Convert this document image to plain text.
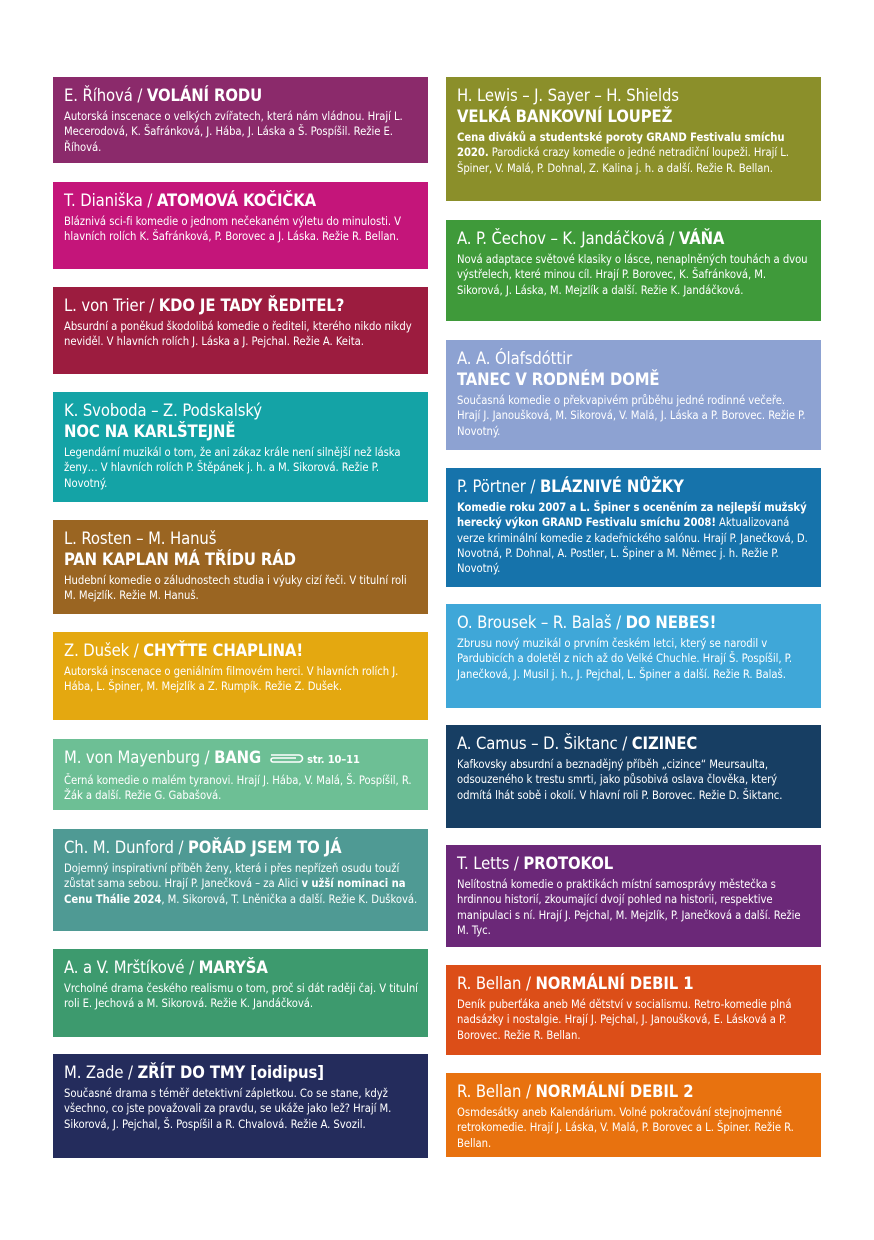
E. Říhová / VOLÁNÍ RODU
Autorská inscenace o velkých zvířatech, která nám vládnou. Hrají L. Mecerodová, K. Šafránková, J. Hába, J. Láska a Š. Pospíšil. Režie E. Říhová.
T. Dianiška / ATOMOVÁ KOČIČKA
Bláznivá sci-fi komedie o jednom nečekaném výletu do minulosti. V hlavních rolích K. Šafránková, P. Borovec a J. Láska. Režie R. Bellan.
L. von Trier / KDO JE TADY ŘEDITEL?
Absurdní a poněkud škodolibá komedie o řediteli, kterého nikdo nikdy neviděl. V hlavních rolích J. Láska a J. Pejchal. Režie A. Keita.
K. Svoboda – Z. Podskalský
NOC NA KARLŠTEJNĚ
Legendární muzikál o tom, že ani zákaz krále není silnější než láska ženy… V hlavních rolích P. Štěpánek j. h. a M. Sikorová. Režie P. Novotný.
L. Rosten – M. Hanuš
PAN KAPLAN MÁ TŘÍDU RÁD
Hudební komedie o záludnostech studia i výuky cizí řeči. V titulní roli M. Mejzlík. Režie M. Hanuš.
Z. Dušek / CHYŤTE CHAPLINA!
Autorská inscenace o geniálním filmovém herci. V hlavních rolích J. Hába, L. Špiner, M. Mejzlík a Z. Rumpík. Režie Z. Dušek.
M. von Mayenburg / BANG	str. 10–11
Černá komedie o malém tyranovi. Hrají J. Hába, V. Malá, Š. Pospíšil, R. Žák a další. Režie G. Gabašová.
Ch. M. Dunford / POŘÁD JSEM TO JÁ
Dojemný inspirativní příběh ženy, která i přes nepřízeň osudu touží zůstat sama sebou. Hrají P. Janečková – za Alici v užší nominaci na Cenu Thálie 2024, M. Sikorová, T. Lněnička a další. Režie K. Dušková.
A. a V. Mrštíkové / MARYŠA
Vrcholné drama českého realismu o tom, proč si dát raději čaj. V titulní roli E. Jechová a M. Sikorová. Režie K. Jandáčková.
M. Zade / ZŘÍT DO TMY [oidipus]
Současné drama s téměř detektivní zápletkou. Co se stane, když všechno, co jste považovali za pravdu, se ukáže jako lež? Hrají M. Sikorová, J. Pejchal, Š. Pospíšil a R. Chvalová. Režie A. Svozil.
H. Lewis – J. Sayer – H. Shields
VELKÁ BANKOVNÍ LOUPEŽ
Cena diváků a studentské poroty GRAND Festivalu smíchu 2020. Parodická crazy komedie o jedné netradiční loupeži. Hrají L. Špiner, V. Malá, P. Dohnal, Z. Kalina j. h. a další. Režie R. Bellan.
A. P. Čechov – K. Jandáčková / VÁŇA
Nová adaptace světové klasiky o lásce, nenaplněných touhách a dvou výstřelech, které minou cíl. Hrají P. Borovec, K. Šafránková, M. Sikorová, J. Láska, M. Mejzlík a další. Režie K. Jandáčková.
A. A. Ólafsdóttir
TANEC V RODNÉM DOMĚ
Současná komedie o překvapivém průběhu jedné rodinné večeře. Hrají J. Janoušková, M. Sikorová, V. Malá, J. Láska a P. Borovec. Režie P. Novotný.
P. Pörtner / BLÁZNIVÉ NŮŽKY
Komedie roku 2007 a L. Špiner s oceněním za nejlepší mužský herecký výkon GRAND Festivalu smíchu 2008! Aktualizovaná verze kriminální komedie z kadeřnického salónu. Hrají P. Janečková, D. Novotná, P. Dohnal, A. Postler, L. Špiner a M. Němec j. h. Režie P. Novotný.
O. Brousek – R. Balaš / DO NEBES!
Zbrusu nový muzikál o prvním českém letci, který se narodil v Pardubicích a doletěl z nich až do Velké Chuchle. Hrají Š. Pospíšil, P. Janečková, J. Musil j. h., J. Pejchal, L. Špiner a další. Režie R. Balaš.
A. Camus – D. Šiktanc / CIZINEC
Kafkovsky absurdní a beznadějný příběh „cizince“ Meursaulta, odsouzeného k trestu smrti, jako působivá oslava člověka, který odmítá lhát sobě i okolí. V hlavní roli P. Borovec. Režie D. Šiktanc.
T. Letts / PROTOKOL
Nelítostná komedie o praktikách místní samosprávy městečka s hrdinnou historií, zkoumající dvojí pohled na historii, respektive manipulaci s ní. Hrají J. Pejchal, M. Mejzlík, P. Janečková a další. Režie M. Tyc.
R. Bellan / NORMÁLNÍ DEBIL 1
Deník puberťáka aneb Mé dětství v socialismu. Retro-komedie plná nadsázky i nostalgie. Hrají J. Pejchal, J. Janoušková, E. Lásková a P. Borovec. Režie R. Bellan.
R. Bellan / NORMÁLNÍ DEBIL 2
Osmdesátky aneb Kalendárium. Volné pokračování stejnojmenné retrokomedie. Hrají J. Láska, V. Malá, P. Borovec a L. Špiner. Režie R. Bellan.
